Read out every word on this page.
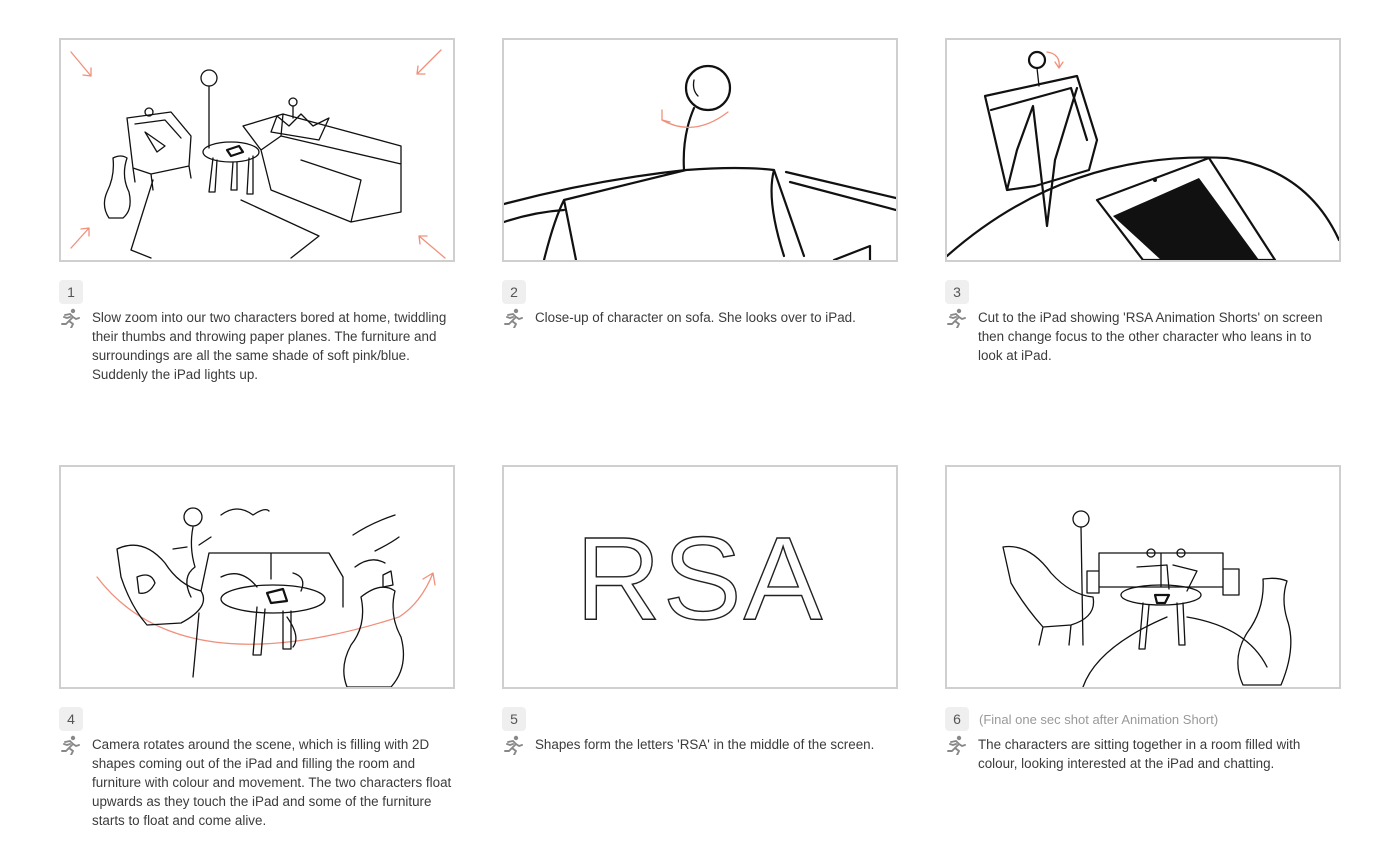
1
Slow zoom into our two characters bored at home, twiddling their thumbs and throwing paper planes. The furniture and surroundings are all the same shade of soft pink/blue. Suddenly the iPad lights up.
2
Close-up of character on sofa. She looks over to iPad.
3
Cut to the iPad showing 'RSA Animation Shorts' on screen then change focus to the other character who leans in to look at iPad.
4
Camera rotates around the scene, which is filling with 2D shapes coming out of the iPad and filling the room and furniture with colour and movement. The two characters float upwards as they touch the iPad and some of the furniture starts to float and come alive.
RSA
5
Shapes form the letters 'RSA' in the middle of the screen.
6	(Final one sec shot after Animation Short)
The characters are sitting together in a room filled with colour, looking interested at the iPad and chatting.
